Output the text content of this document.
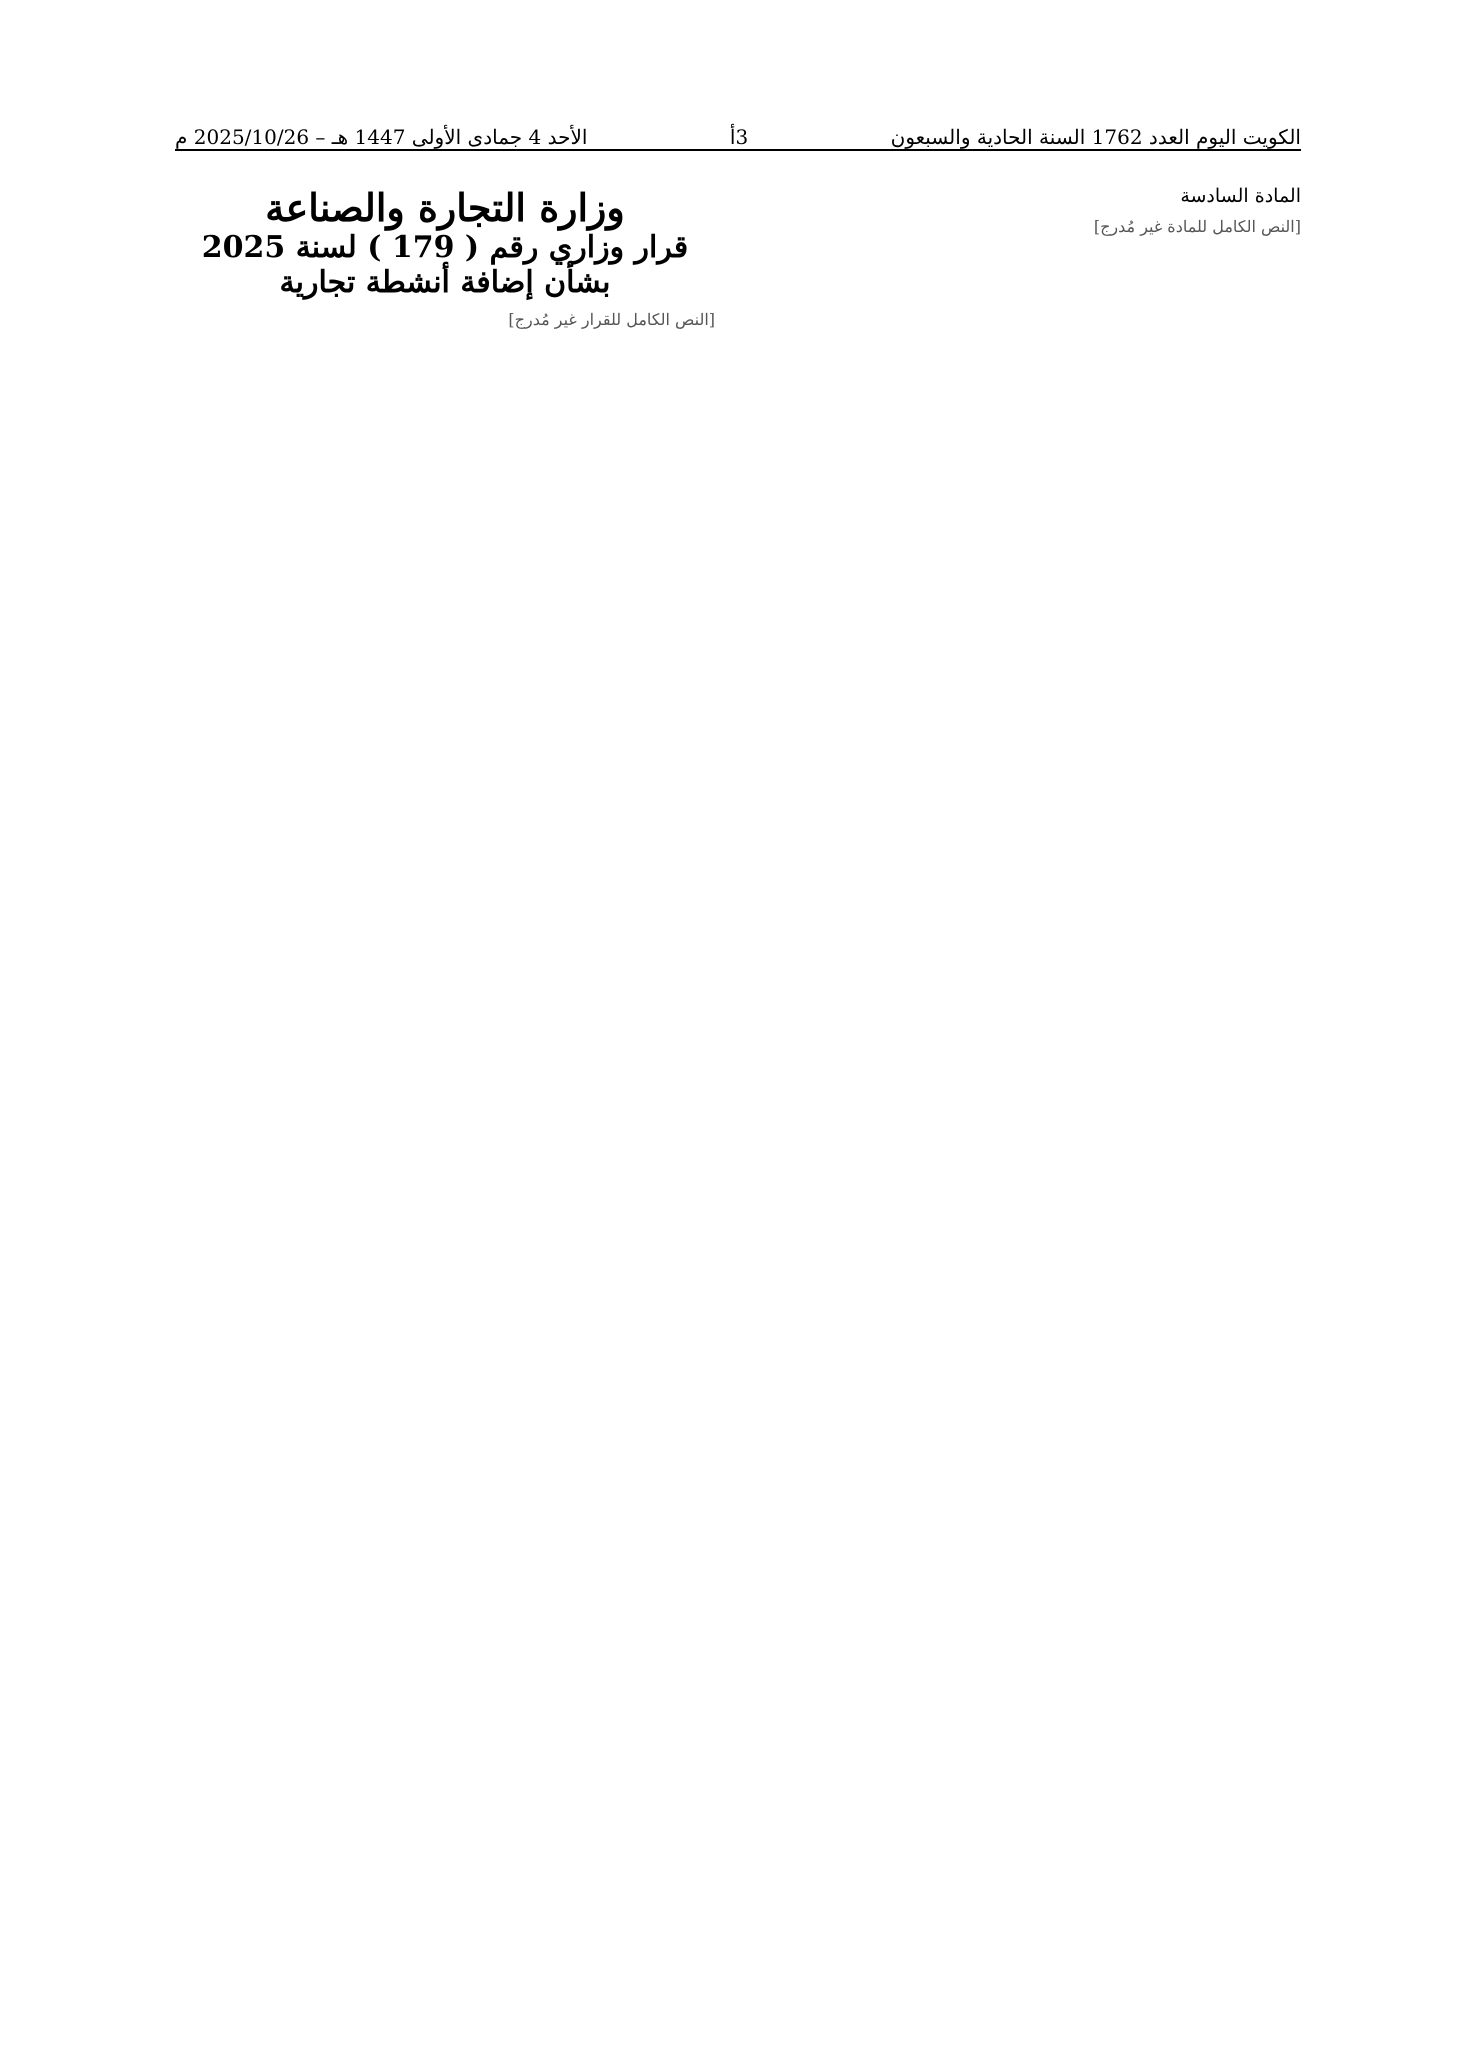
الكويت اليوم العدد 1762 السنة الحادية والسبعون
3أ
الأحد 4 جمادى الأولى 1447 هـ – 2025/10/26 م
المادة السادسة
[النص الكامل للمادة غير مُدرج]
وزارة التجارة والصناعة
قرار وزاري رقم ( 179 ) لسنة 2025
بشأن إضافة أنشطة تجارية
[النص الكامل للقرار غير مُدرج]
